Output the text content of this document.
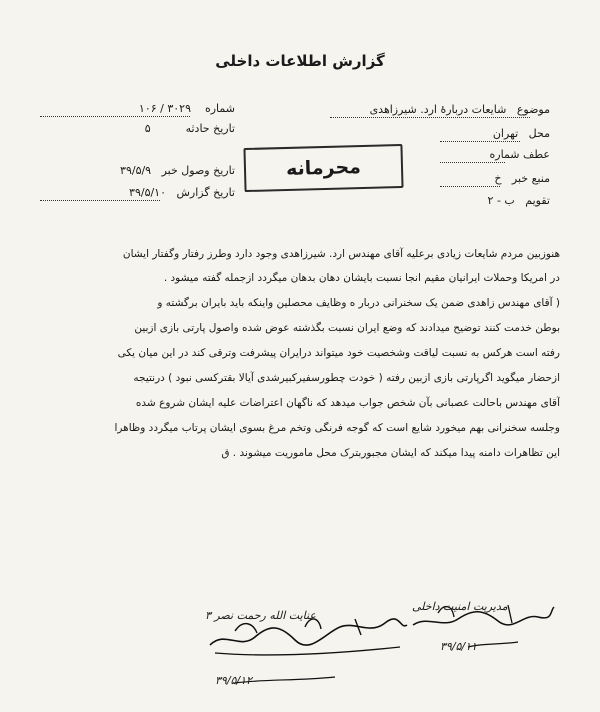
گزارش اطلاعات داخلی
موضوع   شایعات دربارهٔ ارد. شیرزاهدی
محل   تهران
عطف شماره
منبع خبر   خ
تقویم   ب - ۲
شماره    ۳۰۲۹ / ۱۰۶
تاریخ حادثه          ۵
تاریخ وصول خبر   ۳۹/۵/۹
تاریخ گزارش   ۳۹/۵/۱۰
محرمانه
هنوزبین مردم شایعات زیادی برعلیه آقای مهندس ارد. شیرزاهدی وجود دارد وطرز رفتار وگفتار ایشان
در امریکا وحملات ایرانیان مقیم انجا نسبت بایشان دهان بدهان میگردد ازجمله گفته میشود .
( آقای مهندس زاهدی ضمن یک سخنرانی دربار ه وظایف محصلین واینکه باید بایران برگشته و
بوطن خدمت کنند توضیح میدادند که وضع ایران نسبت بگذشته عوض شده واصول پارتی بازی ازبین
رفته است هرکس به نسبت لیاقت وشخصیت خود میتواند درایران پیشرفت وترقی کند در این میان یکی
ازحضار میگوید اگرپارتی بازی ازبین رفته ( خودت چطورسفیرکبیرشدی آیالا بقترکسی نبود ) درنتیجه
آقای مهندس باحالت عصبانی بآن شخص جواب میدهد که ناگهان اعتراضات علیه ایشان شروع شده
وجلسه سخنرانی بهم میخورد شایع است که گوجه فرنگی وتخم مرغ بسوی ایشان پرتاب میگردد وظاهرا
این تظاهرات دامنه پیدا میکند که ایشان مجبوربترک محل ماموریت میشوند . ق
عنایت الله رحمت نصر ۳
۳۹/۵/۱۲
مدیریت امنیت داخلی
۳۹/۵/۱۱
